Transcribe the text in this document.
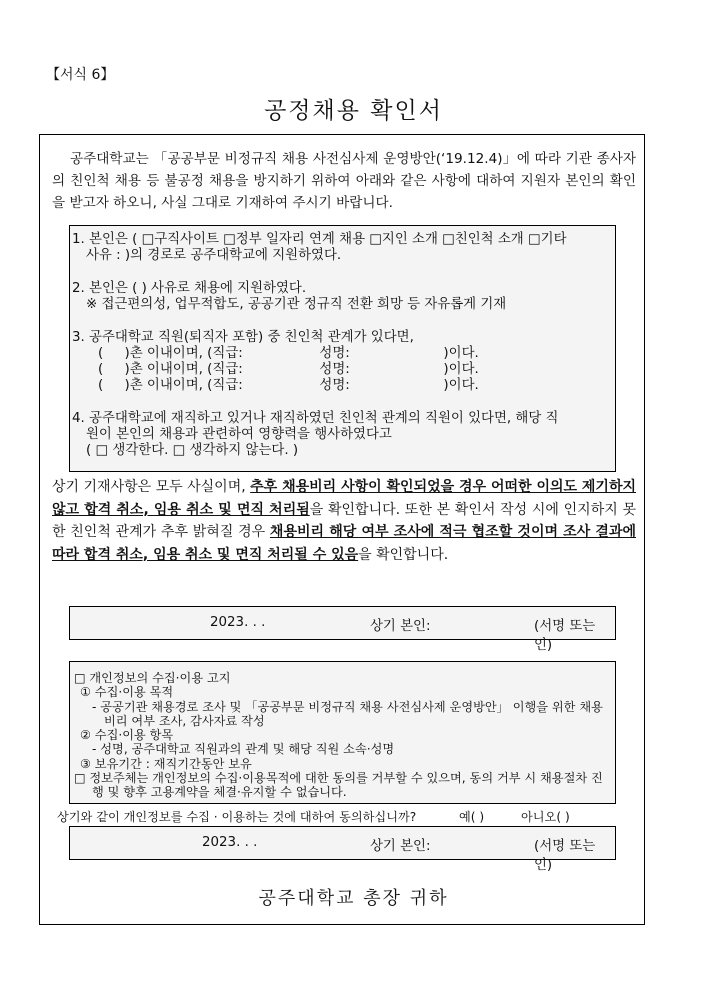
【서식 6】
공정채용 확인서
공주대학교는 「공공부문 비정규직 채용 사전심사제 운영방안(‘19.12.4)」에 따라 기관 종사자의 친인척 채용 등 불공정 채용을 방지하기 위하여 아래와 같은 사항에 대하여 지원자 본인의 확인을 받고자 하오니, 사실 그대로 기재하여 주시기 바랍니다.

1. 본인은 ( □구직사이트 □정부 일자리 연계 채용 □지인 소개 □친인척 소개 □기타
사유 : )의 경로로 공주대학교에 지원하였다.

2. 본인은 ( ) 사유로 채용에 지원하였다.
※ 접근편의성, 업무적합도, 공공기관 정규직 전환 희망 등 자유롭게 기재

3. 공주대학교 직원(퇴직자 포함) 중 친인척 관계가 있다면,
(     )촌 이내이며, (직급:                  성명:                      )이다.
(     )촌 이내이며, (직급:                  성명:                      )이다.
(     )촌 이내이며, (직급:                  성명:                      )이다.

4. 공주대학교에 재직하고 있거나 재직하였던 친인척 관계의 직원이 있다면, 해당 직
원이 본인의 채용과 관련하여 영향력을 행사하였다고
( □ 생각한다. □ 생각하지 않는다. )

상기 기재사항은 모두 사실이며, 추후 채용비리 사항이 확인되었을 경우 어떠한 이의도 제기하지 않고 합격 취소, 임용 취소 및 면직 처리됨을 확인합니다. 또한 본 확인서 작성 시에 인지하지 못한 친인척 관계가 추후 밝혀질 경우 채용비리 해당 여부 조사에 적극 협조할 것이며 조사 결과에 따라 합격 취소, 임용 취소 및 면직 처리될 수 있음을 확인합니다.
2023. . .	상기 본인:	(서명 또는 인)

□ 개인정보의 수집·이용 고지

① 수집·이용 목적

- 공공기관 채용경로 조사 및 「공공부문 비정규직 채용 사전심사제 운영방안」 이행을 위한 채용

비리 여부 조사, 감사자료 작성

② 수집·이용 항목

- 성명, 공주대학교 직원과의 관계 및 해당 직원 소속·성명

③ 보유기간 : 재직기간동안 보유

□ 정보주체는 개인정보의 수집·이용목적에 대한 동의를 거부할 수 있으며, 동의 거부 시 채용절차 진

행 및 향후 고용계약을 체결·유지할 수 없습니다.

상기와 같이 개인정보를 수집 · 이용하는 것에 대하여 동의하십니까?	예( )	아니오( )
2023. . .	상기 본인:	(서명 또는 인)
공주대학교 총장 귀하
